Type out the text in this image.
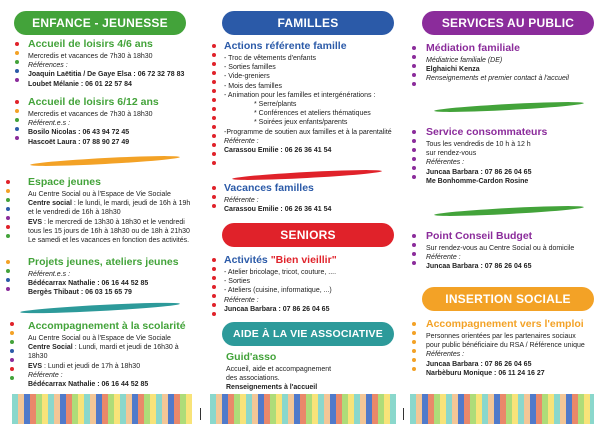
ENFANCE - JEUNESSE
Accueil de loisirs 4/6 ans
Mercredis et vacances de 7h30 à 18h30
Références :
Joaquin Laëtitia / De Gaye Elsa : 06 72 32 78 83
Loubet Mélanie : 06 01 22 57 84
Accueil de loisirs 6/12 ans
Mercredis et vacances de 7h30 à 18h30
Référent.e.s :
Bosilo Nicolas : 06 43 94 72 45
Hascoët Laura : 07 88 90 27 49
Espace jeunes
Au Centre Social ou à l'Espace de Vie Sociale
Centre social : le lundi, le mardi, jeudi de 16h à 19h
et le vendredi de 16h à 18h30
EVS : le mercredi de 13h30 à 18h30 et le vendredi
tous les 15 jours de 16h à 18h30 ou de 18h à 21h30
Le samedi et les vacances en fonction des activités.
Projets jeunes, ateliers jeunes
Référent.e.s :
Bédécarrax Nathalie : 06 16 44 52 85
Bergès Thibaut : 06 03 15 65 79
Accompagnement à la scolarité
Au Centre Social ou à l'Espace de Vie Sociale
Centre Social : Lundi, mardi et jeudi de 16h30 à
18h30
EVS : Lundi et jeudi de 17h à 18h30
Référente :
Bédécarrax Nathalie : 06 16 44 52 85
FAMILLES
Actions référente famille
- Troc de vêtements d'enfants
- Sorties familles
- Vide-greniers
- Mois des familles
- Animation pour les familles et intergénérations :
* Serre/plants
* Conférences et ateliers thématiques
* Soirées jeux enfants/parents
-Programme de soutien aux familles et à la parentalité
Référente :
Carassou Emilie : 06 26 36 41 54
Vacances familles
Référente :
Carassou Emilie : 06 26 36 41 54
SENIORS
Activités "Bien vieillir"
- Atelier bricolage, tricot, couture, ....
- Sorties
- Ateliers (cuisine, informatique, ...)
Référente :
Juncaa Barbara : 07 86 26 04 65
AIDE À LA VIE ASSOCIATIVE
Guid'asso
Accueil, aide et accompagnement
des associations.
Renseignements à l'accueil
SERVICES AU PUBLIC
Médiation familiale
Médiatrice familiale (DE)
Elghaichi Kenza
Renseignements et premier contact à l'accueil
Service consommateurs
Tous les vendredis de 10 h à 12 h
sur rendez-vous
Référentes :
Juncaa Barbara : 07 86 26 04 65
Me Bonhomme-Cardon Rosine
Point Conseil Budget
Sur rendez-vous au Centre Social ou à domicile
Référente :
Juncaa Barbara : 07 86 26 04 65
INSERTION SOCIALE
Accompagnement vers l'emploi
Personnes orientées par les partenaires sociaux
pour public bénéficiaire du RSA / Référence unique
Référentes :
Juncaa Barbara : 07 86 26 04 65
Narbèburu Monique : 06 11 24 16 27
